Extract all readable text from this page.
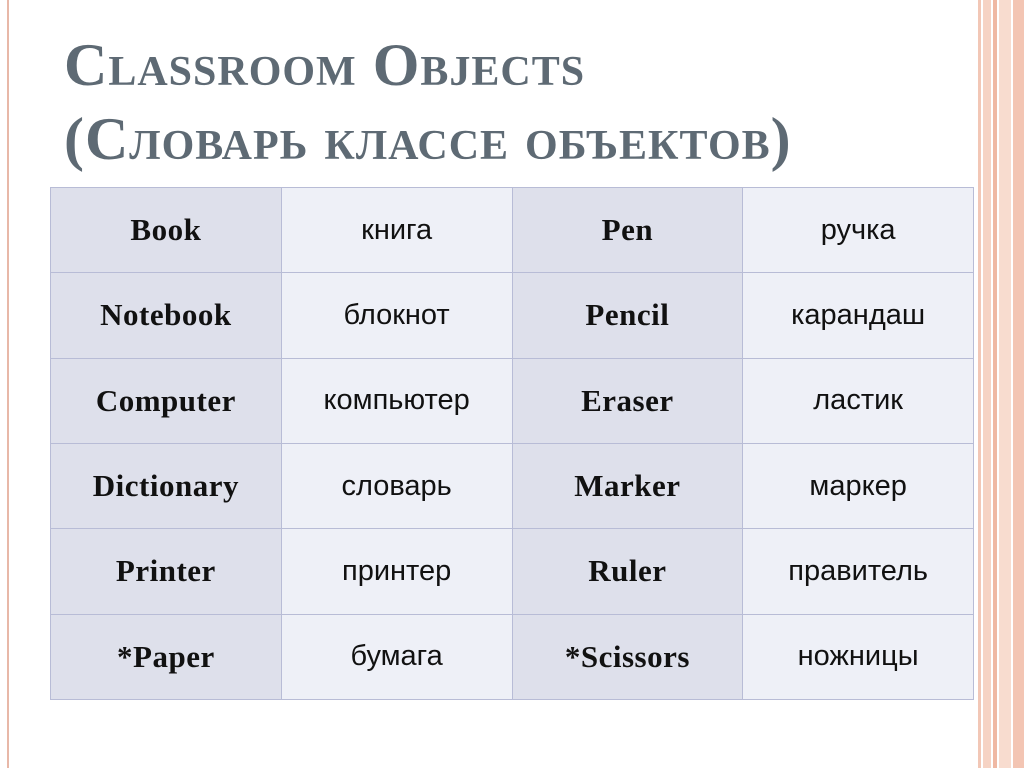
Classroom Objects
(Словарь классе объектов)
Book	книга	Pen	ручка
Notebook	блокнот	Pencil	карандаш
Computer	компьютер	Eraser	ластик
Dictionary	словарь	Marker	маркер
Printer	принтер	Ruler	правитель
*Paper	бумага	*Scissors	ножницы
